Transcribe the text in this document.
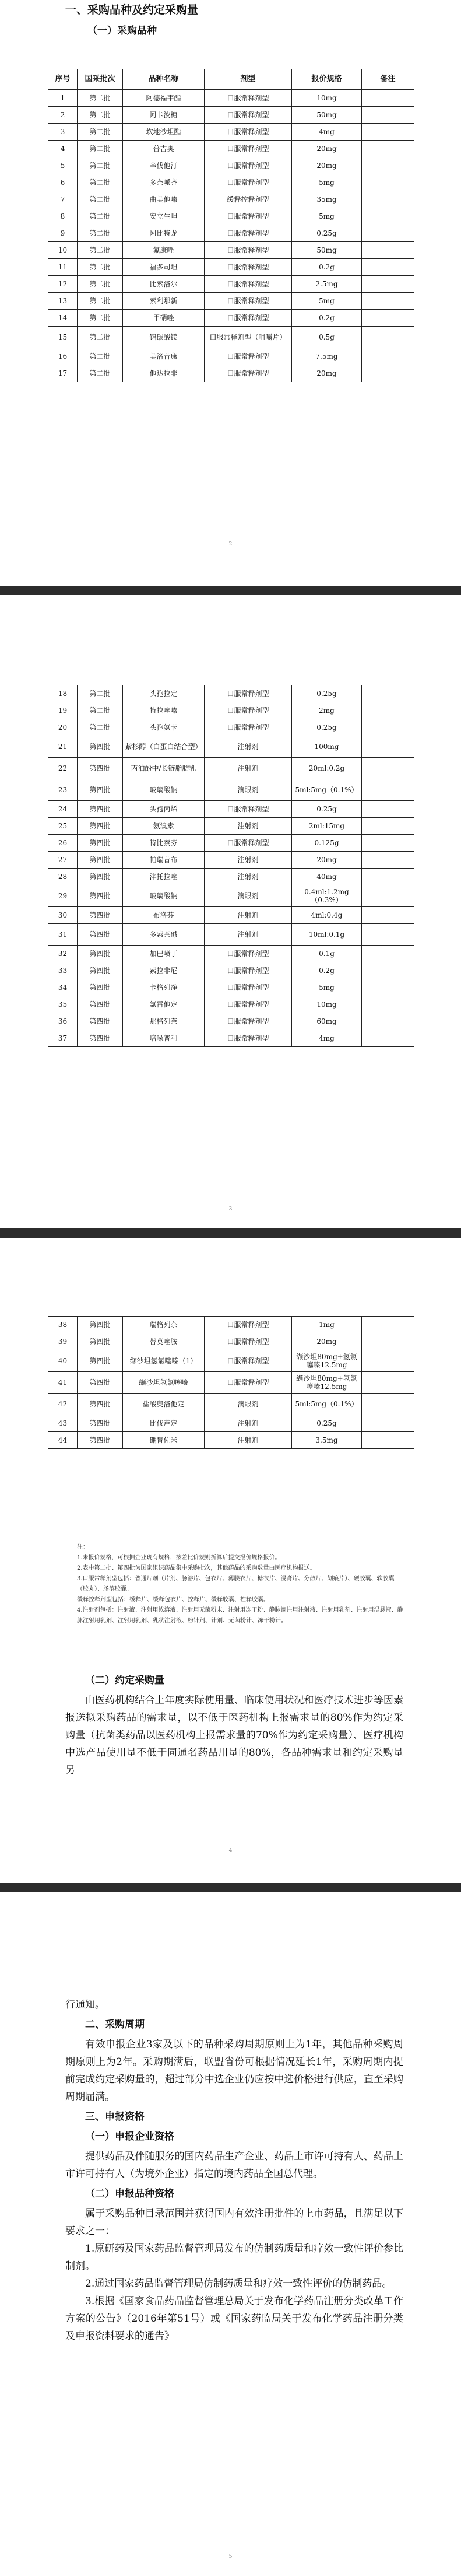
一、采购品种及约定采购量
（一）采购品种
序号	国采批次	品种名称	剂型	报价规格	备注
1	第二批	阿德福韦酯	口服常释剂型	10mg	
2	第二批	阿卡波糖	口服常释剂型	50mg	
3	第二批	坎地沙坦酯	口服常释剂型	4mg	
4	第二批	普吉奥	口服常释剂型	20mg	
5	第二批	辛伐他汀	口服常释剂型	20mg	
6	第二批	多奈哌齐	口服常释剂型	5mg	
7	第二批	曲美他嗪	缓释控释剂型	35mg	
8	第二批	安立生坦	口服常释剂型	5mg	
9	第二批	阿比特龙	口服常释剂型	0.25g	
10	第二批	氟康唑	口服常释剂型	50mg	
11	第二批	福多司坦	口服常释剂型	0.2g	
12	第二批	比索洛尔	口服常释剂型	2.5mg	
13	第二批	索利那新	口服常释剂型	5mg	
14	第二批	甲硝唑	口服常释剂型	0.2g	
15	第二批	铝碳酸镁	口服常释剂型（咀嚼片）	0.5g	
16	第二批	美洛昔康	口服常释剂型	7.5mg	
17	第二批	他达拉非	口服常释剂型	20mg	
2
18	第二批	头孢拉定	口服常释剂型	0.25g	
19	第二批	特拉唑嗪	口服常释剂型	2mg	
20	第二批	头孢氨苄	口服常释剂型	0.25g	
21	第四批	紫杉醇（白蛋白结合型）	注射剂	100mg	
22	第四批	丙泊酚中/长链脂肪乳	注射剂	20ml:0.2g	
23	第四批	玻璃酸钠	滴眼剂	5ml:5mg（0.1%）	
24	第四批	头孢丙烯	口服常释剂型	0.25g	
25	第四批	氨溴索	注射剂	2ml:15mg	
26	第四批	特比萘芬	口服常释剂型	0.125g	
27	第四批	帕瑞昔布	注射剂	20mg	
28	第四批	泮托拉唑	注射剂	40mg	
29	第四批	玻璃酸钠	滴眼剂	0.4ml:1.2mg（0.3%）	
30	第四批	布洛芬	注射剂	4ml:0.4g	
31	第四批	多索茶碱	注射剂	10ml:0.1g	
32	第四批	加巴喷丁	口服常释剂型	0.1g	
33	第四批	索拉非尼	口服常释剂型	0.2g	
34	第四批	卡格列净	口服常释剂型	5mg	
35	第四批	氯雷他定	口服常释剂型	10mg	
36	第四批	那格列奈	口服常释剂型	60mg	
37	第四批	培哚普利	口服常释剂型	4mg	
3
38	第四批	瑞格列奈	口服常释剂型	1mg	
39	第四批	替莫唑胺	口服常释剂型	20mg	
40	第四批	缬沙坦氢氯噻嗪（1）	口服常释剂型	缬沙坦80mg+氢氯噻嗪12.5mg	
41	第四批	缬沙坦氢氯噻嗪	口服常释剂型	缬沙坦80mg+氢氯噻嗪12.5mg	
42	第四批	盐酸奥洛他定	滴眼剂	5ml:5mg（0.1%）	
43	第四批	比伐芦定	注射剂	0.25g	
44	第四批	硼替佐米	注射剂	3.5mg	

注：

1.未报价规格，可根据企业现有规格，按差比价规则折算后提交报价规格报价。

2.表中第二批、第四批为国家组织药品集中采购批次，其他药品的采购数量由医疗机构报送。

3.口服常释剂型包括：普通片剂（片剂、肠溶片、包衣片、薄膜衣片、糖衣片、浸膏片、分散片、划痕片）、硬胶囊、软胶囊（胶丸）、肠溶胶囊。

缓释控释剂型包括：缓释片、缓释包衣片、控释片、缓释胶囊、控释胶囊。

4.注射剂包括：注射液、注射用浓溶液、注射用无菌粉末、注射用冻干粉、静脉滴注用注射液、注射用乳剂、注射用混悬液、静脉注射用乳剂、注射用乳剂、乳状注射液、粉针剂、针剂、无菌粉针、冻干粉针。

（二）约定采购量

由医药机构结合上年度实际使用量、临床使用状况和医疗技术进步等因素报送拟采购药品的需求量，以不低于医药机构上报需求量的80%作为约定采购量（抗菌类药品以医药机构上报需求量的70%作为约定采购量）、医疗机构中选产品使用量不低于同通名药品用量的80%，各品种需求量和约定采购量另

4

行通知。

二、采购周期

有效申报企业3家及以下的品种采购周期原则上为1年，其他品种采购周期原则上为2年。采购期满后，联盟省份可根据情况延长1年，采购周期内提前完成约定采购量的，超过部分中选企业仍应按中选价格进行供应，直至采购周期届满。

三、申报资格

（一）申报企业资格

提供药品及伴随服务的国内药品生产企业、药品上市许可持有人、药品上市许可持有人（为境外企业）指定的境内药品全国总代理。

（二）申报品种资格

属于采购品种目录范围并获得国内有效注册批件的上市药品，且满足以下要求之一：

1.原研药及国家药品监督管理局发布的仿制药质量和疗效一致性评价参比制剂。

2.通过国家药品监督管理局仿制药质量和疗效一致性评价的仿制药品。

3.根据《国家食品药品监督管理总局关于发布化学药品注册分类改革工作方案的公告》（2016年第51号）或《国家药监局关于发布化学药品注册分类及申报资料要求的通告》

5
